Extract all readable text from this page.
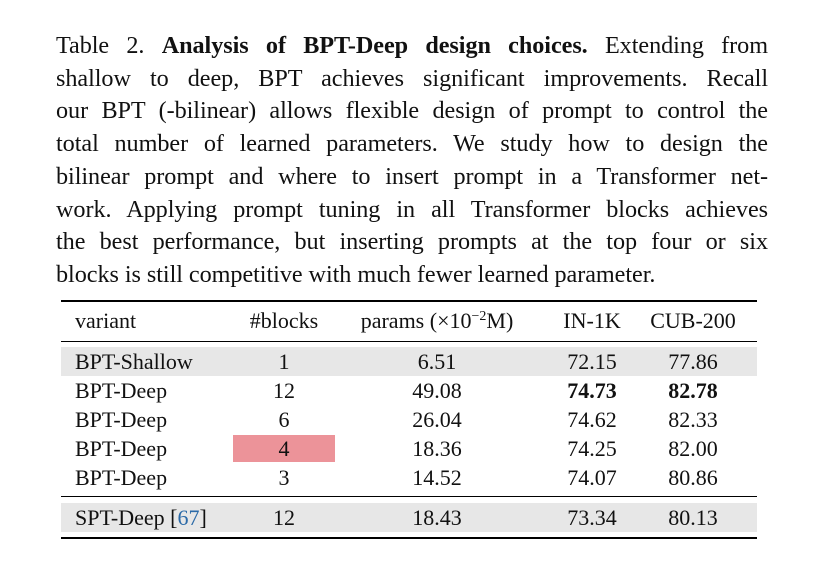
Table 2. Analysis of BPT-Deep design choices. Extending from
shallow to deep, BPT achieves significant improvements. Recall
our BPT (-bilinear) allows flexible design of prompt to control the
total number of learned parameters. We study how to design the
bilinear prompt and where to insert prompt in a Transformer net-
work. Applying prompt tuning in all Transformer blocks achieves
the best performance, but inserting prompts at the top four or six
blocks is still competitive with much fewer learned parameter.
variant	#blocks	params $(\times 10^{-2}M)$	IN-1K	CUB-200
BPT-Shallow	1	6.51	72.15	77.86
BPT-Deep	12	49.08	74.73	82.78
BPT-Deep	6	26.04	74.62	82.33
BPT-Deep	4	18.36	74.25	82.00
BPT-Deep	3	14.52	74.07	80.86
SPT-Deep [67]	12	18.43	73.34	80.13
